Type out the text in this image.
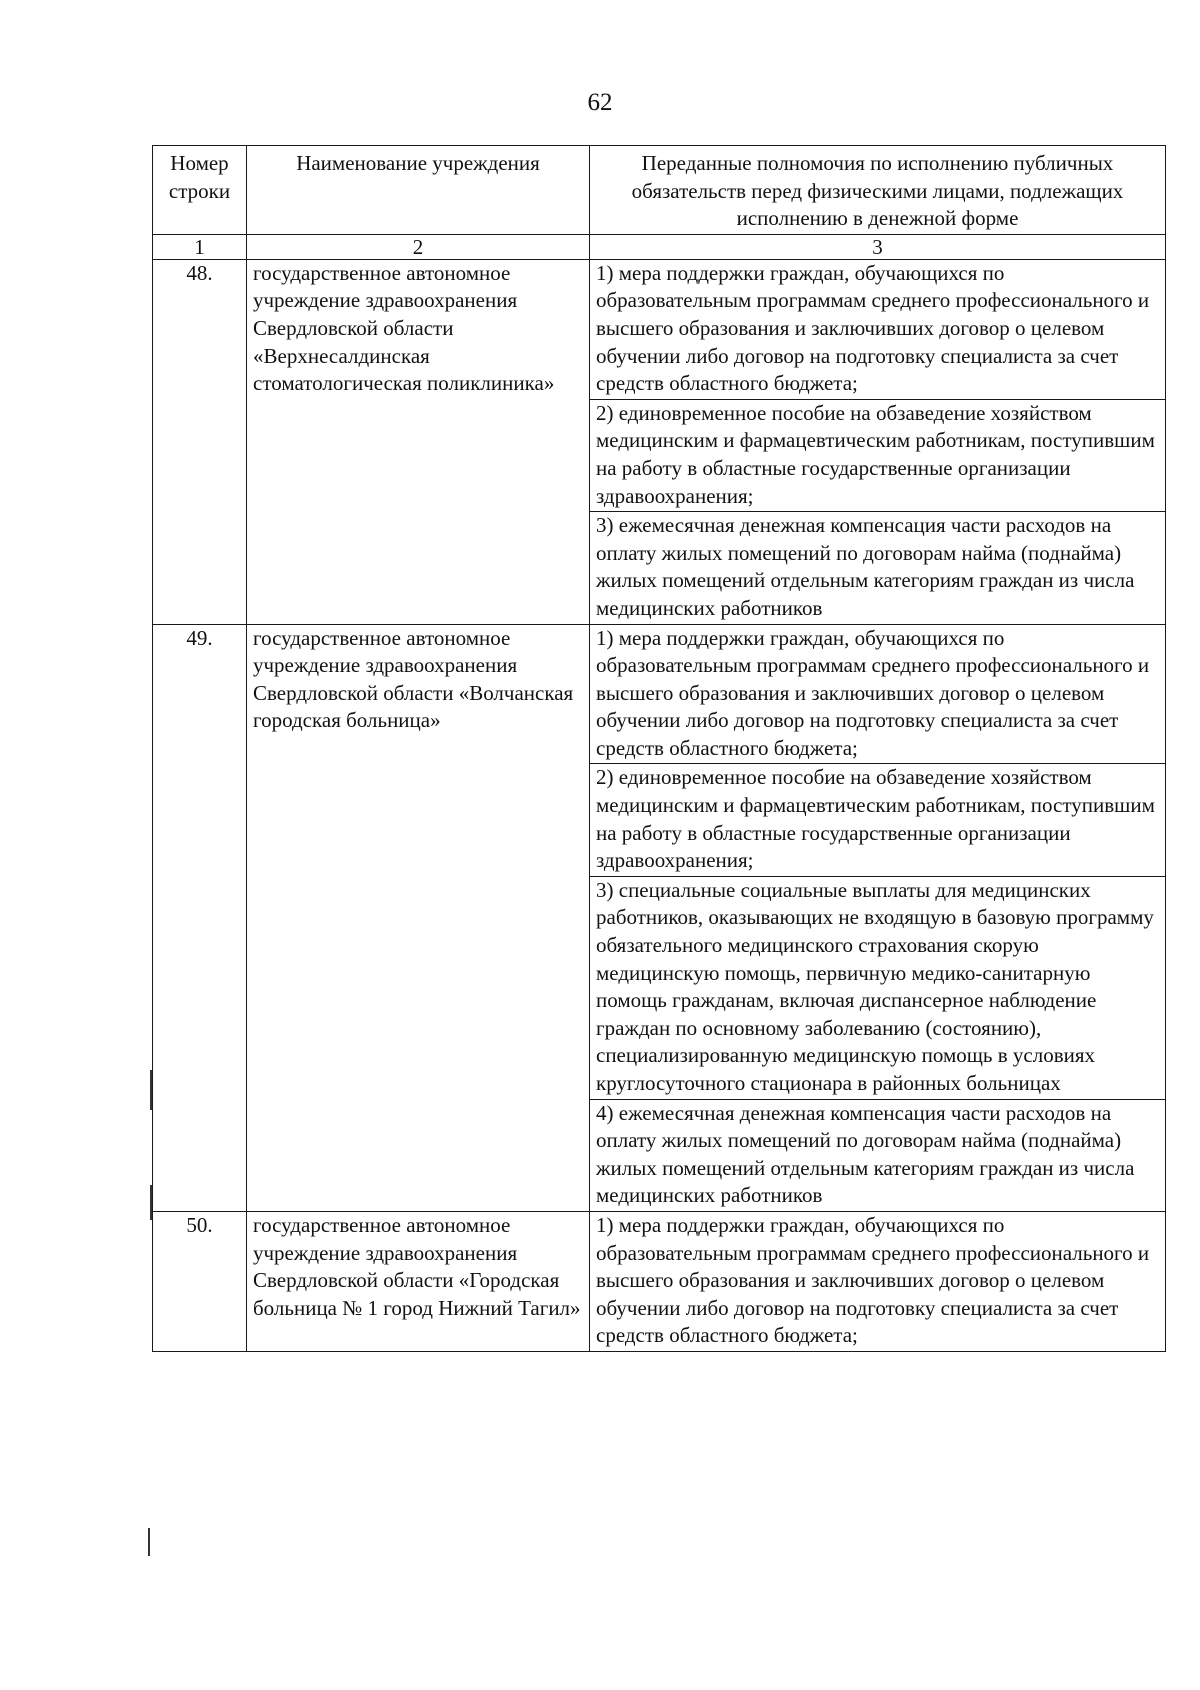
62
Номер строки	Наименование учреждения	Переданные полномочия по исполнению публичных обязательств перед физическими лицами, подлежащих исполнению в денежной форме
1	2	3
48.	государственное автономное учреждение здравоохранения Свердловской области «Верхнесалдинская стоматологическая поликлиника»	1) мера поддержки граждан, обучающихся по образовательным программам среднего профессионального и высшего образования и заключивших договор о целевом обучении либо договор на подготовку специалиста за счет средств областного бюджета;
		2) единовременное пособие на обзаведение хозяйством медицинским и фармацевтическим работникам, поступившим на работу в областные государственные организации здравоохранения;
		3) ежемесячная денежная компенсация части расходов на оплату жилых помещений по договорам найма (поднайма) жилых помещений отдельным категориям граждан из числа медицинских работников
49.	государственное автономное учреждение здравоохранения Свердловской области «Волчанская городская больница»	1) мера поддержки граждан, обучающихся по образовательным программам среднего профессионального и высшего образования и заключивших договор о целевом обучении либо договор на подготовку специалиста за счет средств областного бюджета;
		2) единовременное пособие на обзаведение хозяйством медицинским и фармацевтическим работникам, поступившим на работу в областные государственные организации здравоохранения;
		3) специальные социальные выплаты для медицинских работников, оказывающих не входящую в базовую программу обязательного медицинского страхования скорую медицинскую помощь, первичную медико-санитарную помощь гражданам, включая диспансерное наблюдение граждан по основному заболеванию (состоянию), специализированную медицинскую помощь в условиях круглосуточного стационара в районных больницах
		4) ежемесячная денежная компенсация части расходов на оплату жилых помещений по договорам найма (поднайма) жилых помещений отдельным категориям граждан из числа медицинских работников
50.	государственное автономное учреждение здравоохранения Свердловской области «Городская больница № 1 город Нижний Тагил»	1) мера поддержки граждан, обучающихся по образовательным программам среднего профессионального и высшего образования и заключивших договор о целевом обучении либо договор на подготовку специалиста за счет средств областного бюджета;
